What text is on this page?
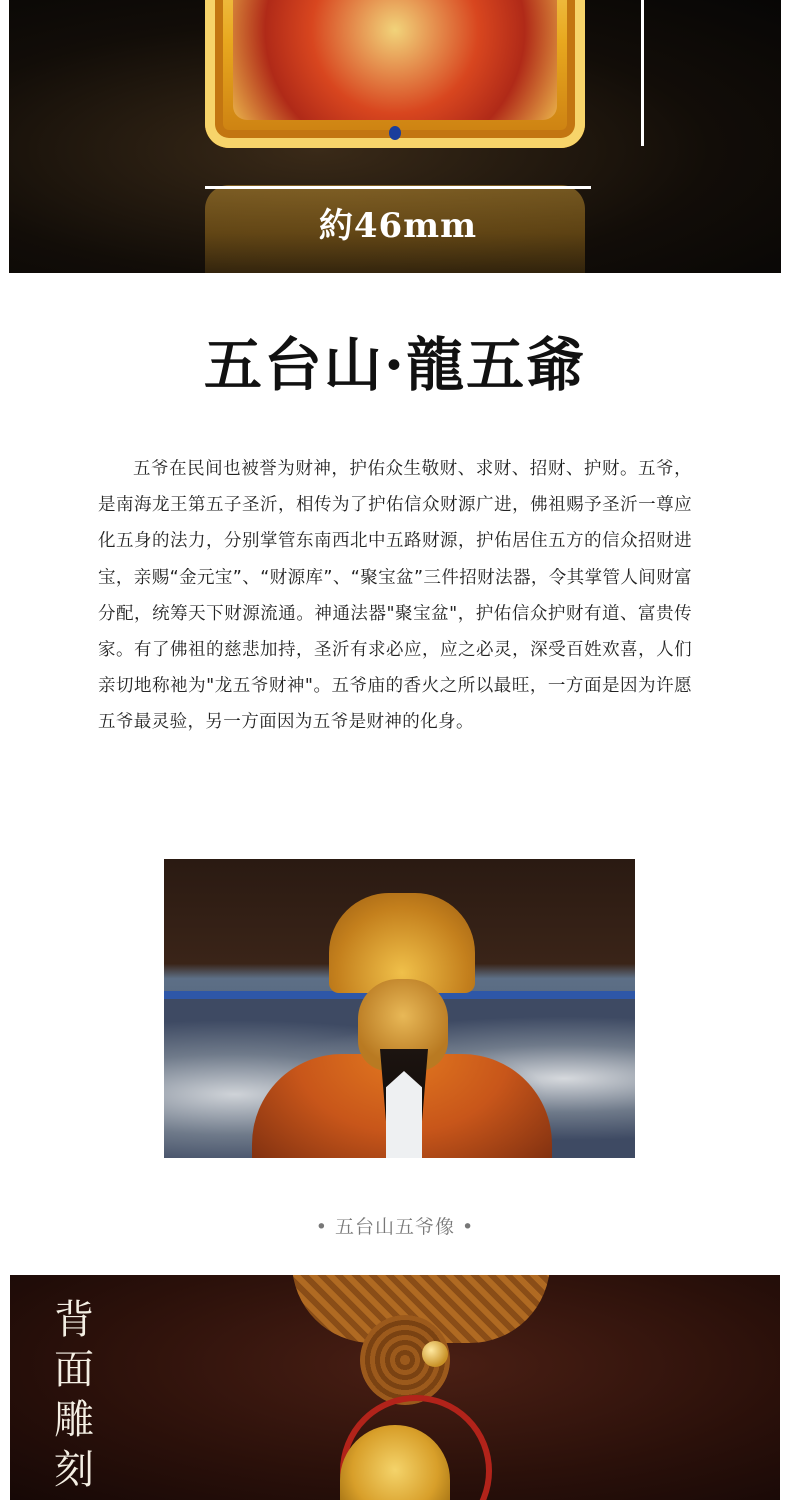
約46mm
五台山·龍五爺

五爷在民间也被誉为财神，护佑众生敬财、求财、招财、护财。五爷，是南海龙王第五子圣沂，相传为了护佑信众财源广进，佛祖赐予圣沂一尊应化五身的法力，分别掌管东南西北中五路财源，护佑居住五方的信众招财进宝，亲赐“金元宝”、“财源库”、“聚宝盆”三件招财法器，令其掌管人间财富分配，统筹天下财源流通。神通法器"聚宝盆"，护佑信众护财有道、富贵传家。有了佛祖的慈悲加持，圣沂有求必应，应之必灵，深受百姓欢喜，人们亲切地称祂为"龙五爷财神"。五爷庙的香火之所以最旺，一方面是因为许愿五爷最灵验，另一方面因为五爷是财神的化身。

• 五台山五爷像 •
背
面
雕
刻
